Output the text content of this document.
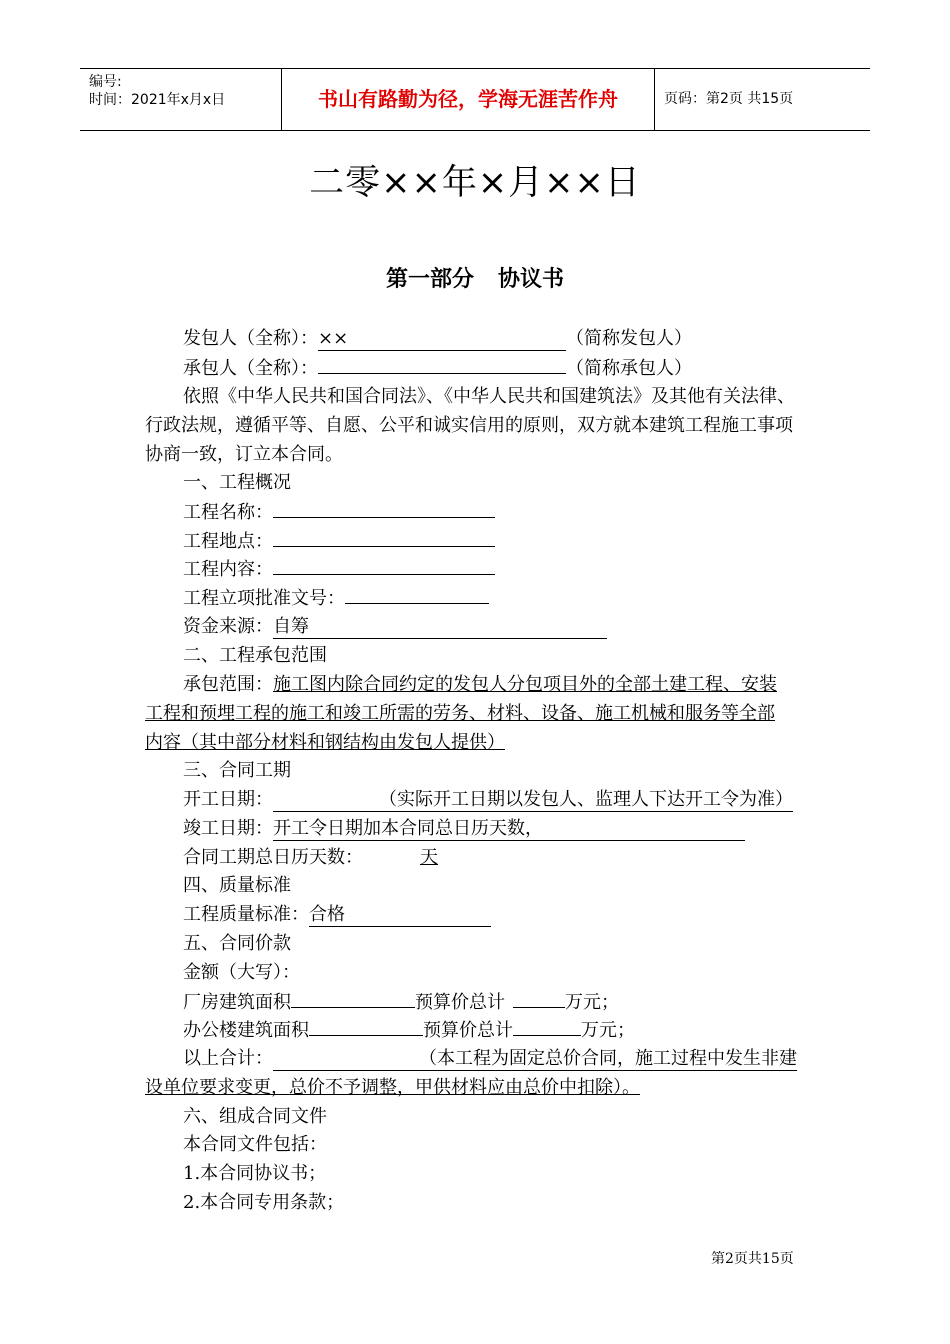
编号:
时间：2021年x月x日	书山有路勤为径，学海无涯苦作舟	页码：第2页 共15页
二零××年×月××日
第一部分 协议书
发包人（全称）：××	（简称发包人）
承包人（全称）：	（简称承包人）
依照《中华人民共和国合同法》、《中华人民共和国建筑法》及其他有关法律、
行政法规，遵循平等、自愿、公平和诚实信用的原则，双方就本建筑工程施工事项
协商一致，订立本合同。
一、工程概况
工程名称：
工程地点：
工程内容：
工程立项批准文号：
资金来源：自筹
二、工程承包范围
承包范围：施工图内除合同约定的发包人分包项目外的全部土建工程、安装
工程和预埋工程的施工和竣工所需的劳务、材料、设备、施工机械和服务等全部
内容（其中部分材料和钢结构由发包人提供）
三、合同工期
开工日期：	（实际开工日期以发包人、监理人下达开工令为准）
竣工日期：开工令日期加本合同总日历天数，
合同工期总日历天数：	天
四、质量标准
工程质量标准：合格
五、合同价款
金额（大写）：
厂房建筑面积	预算价总计	万元；
办公楼建筑面积	预算价总计	万元；
以上合计：	（本工程为固定总价合同，施工过程中发生非建
设单位要求变更，总价不予调整，甲供材料应由总价中扣除）。
六、组成合同文件
本合同文件包括：
1.本合同协议书；
2.本合同专用条款；
第2页共15页
